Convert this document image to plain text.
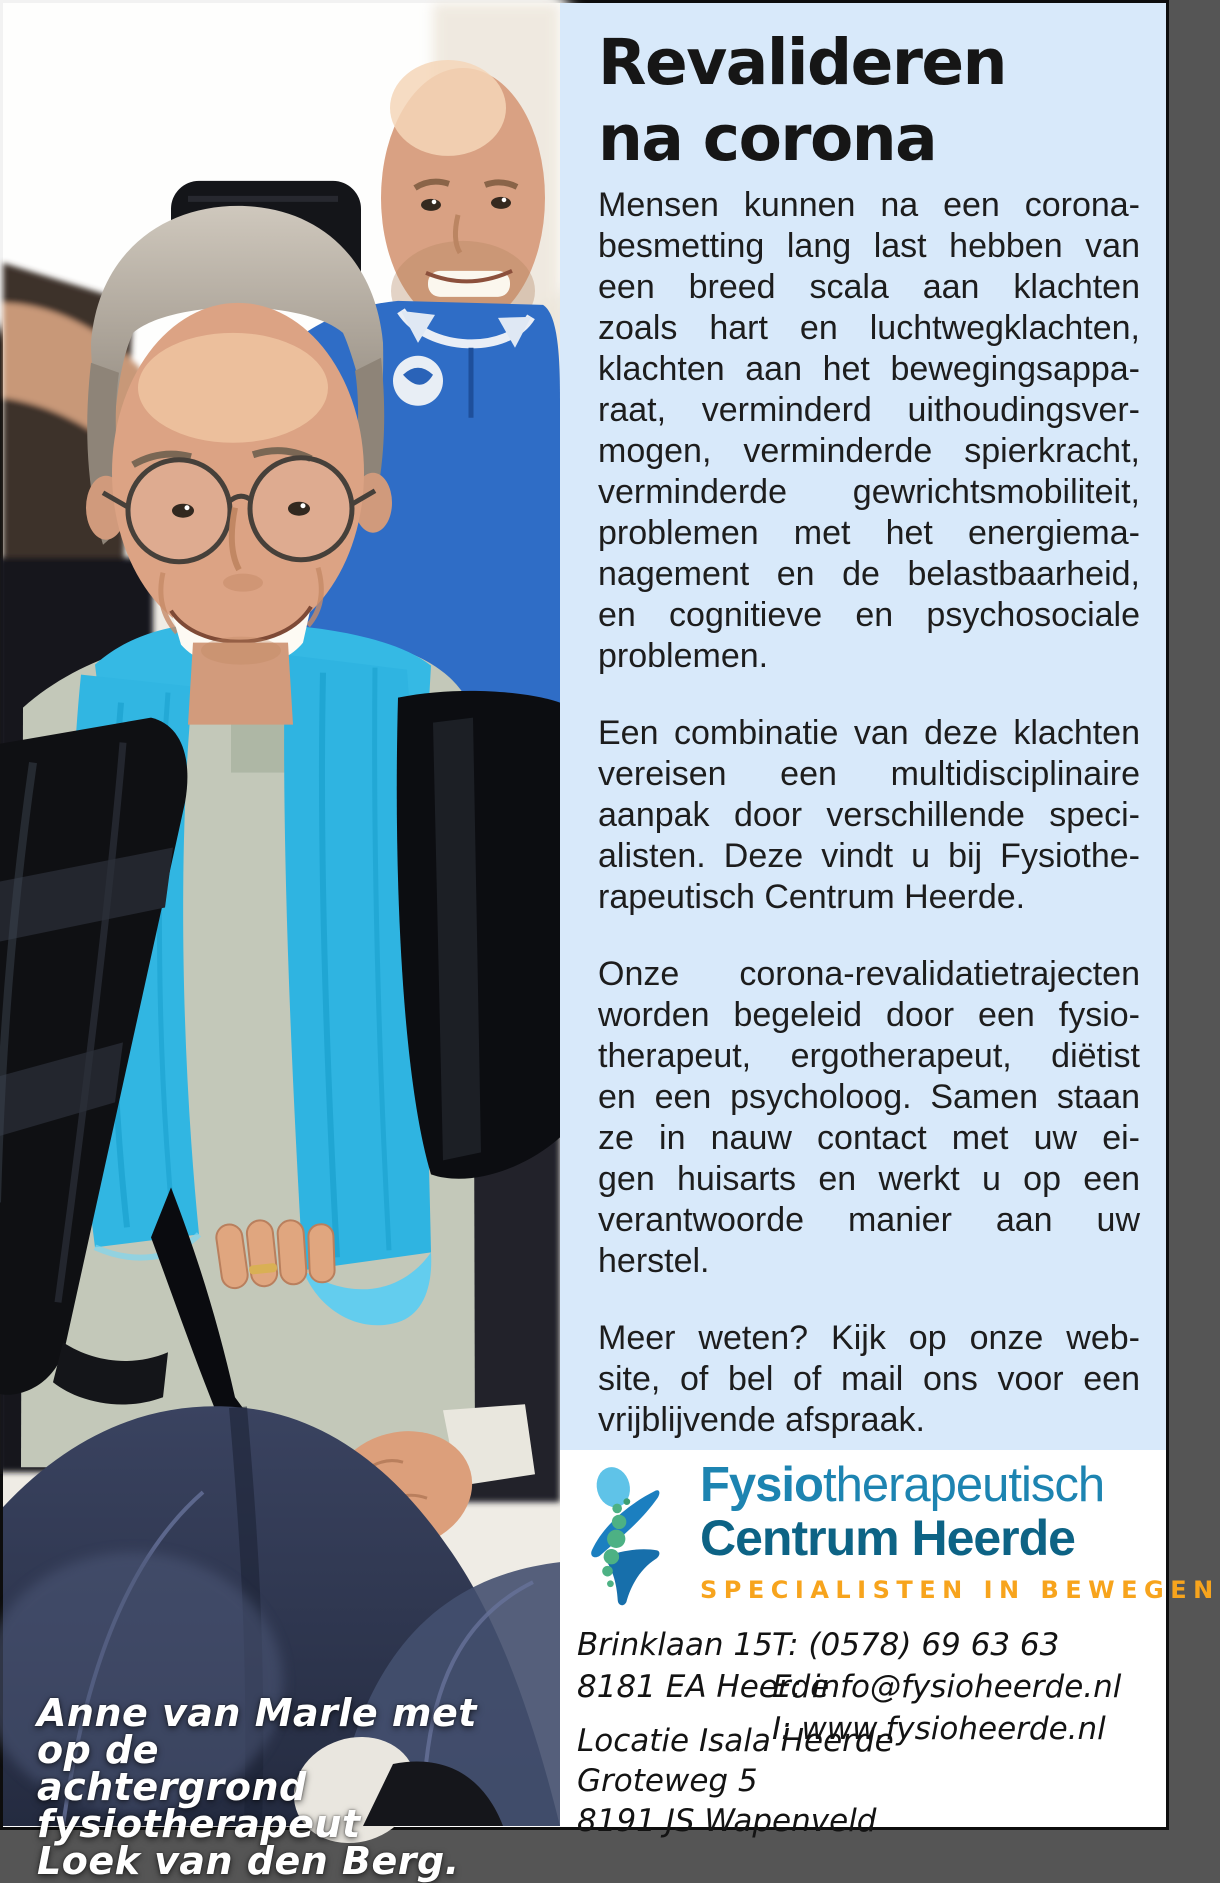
Anne van Marle met op de
achtergrond fysiotherapeut
Loek van den Berg.
Revalideren
na corona
Mensen kunnen na een corona-
besmetting lang last hebben van
een breed scala aan klachten
zoals hart en luchtwegklachten,
klachten aan het bewegingsappa-
raat, verminderd uithoudingsver-
mogen, verminderde spierkracht,
verminderde gewrichtsmobiliteit,
problemen met het energiema-
nagement en de belastbaarheid,
en cognitieve en psychosociale
problemen.
Een combinatie van deze klachten
vereisen een multidisciplinaire
aanpak door verschillende speci-
alisten. Deze vindt u bij Fysiothe-
rapeutisch Centrum Heerde.
Onze corona-revalidatietrajecten
worden begeleid door een fysio-
therapeut, ergotherapeut, diëtist
en een psycholoog. Samen staan
ze in nauw contact met uw ei-
gen huisarts en werkt u op een
verantwoorde manier aan uw
herstel.
Meer weten? Kijk op onze web-
site, of bel of mail ons voor een
vrijblijvende afspraak.
Fysiotherapeutisch
Centrum Heerde
SPECIALISTEN IN BEWEGEN
Brinklaan 15
8181 EA Heerde
T: (0578) 69 63 63
E: info@fysioheerde.nl
I: www.fysioheerde.nl
Locatie Isala Heerde
Groteweg 5
8191 JS Wapenveld
